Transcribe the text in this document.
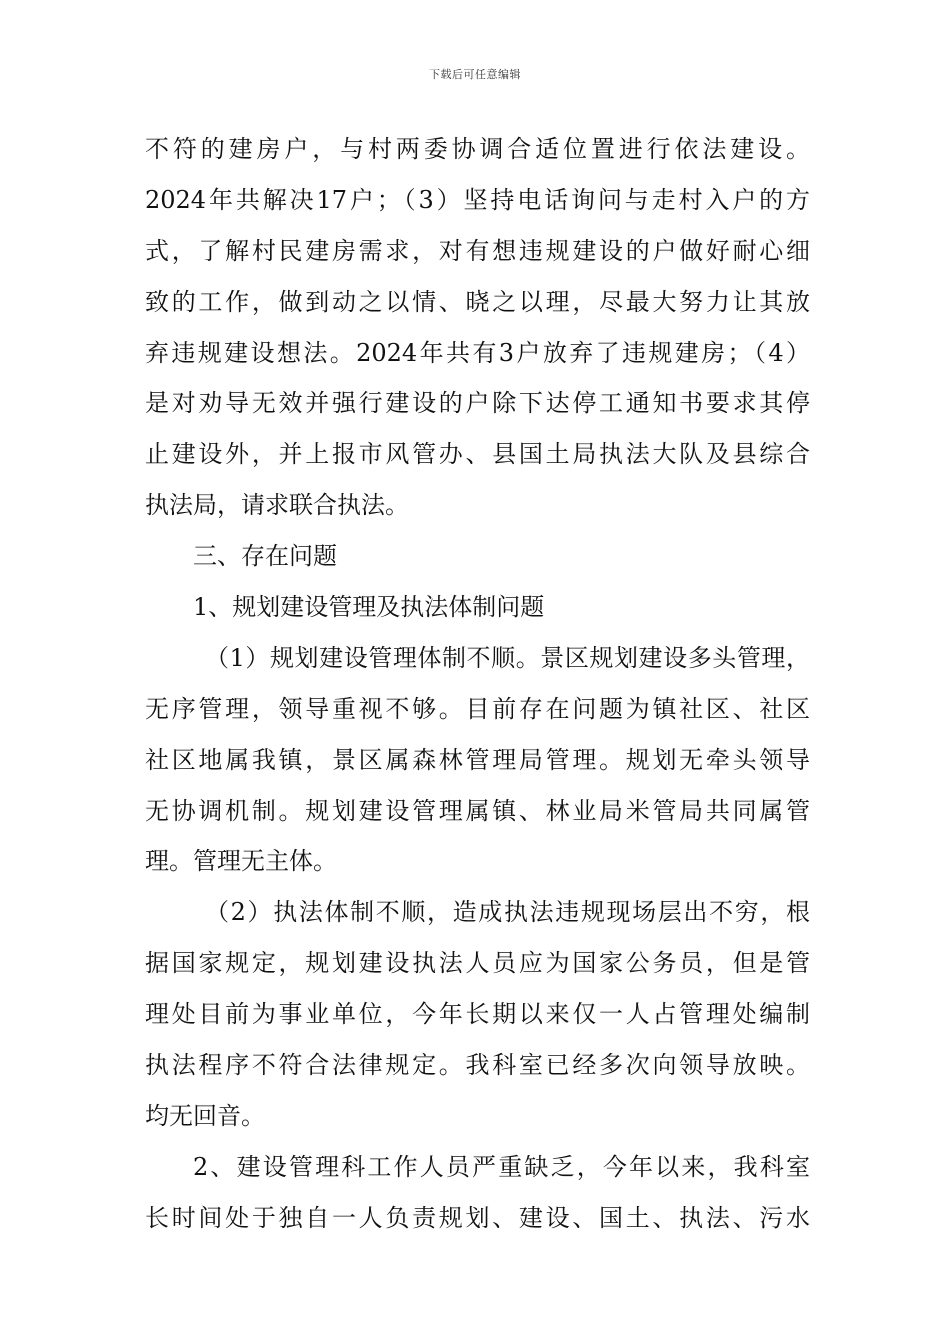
下载后可任意编辑
不符的建房户，与村两委协调合适位置进行依法建设。
2024年共解决17户；（3）坚持电话询问与走村入户的方
式，了解村民建房需求，对有想违规建设的户做好耐心细
致的工作，做到动之以情、晓之以理，尽最大努力让其放
弃违规建设想法。2024年共有3户放弃了违规建房；（4）
是对劝导无效并强行建设的户除下达停工通知书要求其停
止建设外，并上报市风管办、县国土局执法大队及县综合
执法局，请求联合执法。
三、存在问题
1、规划建设管理及执法体制问题
（1）规划建设管理体制不顺。景区规划建设多头管理，
无序管理，领导重视不够。目前存在问题为镇社区、社区
社区地属我镇，景区属森林管理局管理。规划无牵头领导
无协调机制。规划建设管理属镇、林业局米管局共同属管
理。管理无主体。
（2）执法体制不顺，造成执法违规现场层出不穷，根
据国家规定，规划建设执法人员应为国家公务员，但是管
理处目前为事业单位，今年长期以来仅一人占管理处编制
执法程序不符合法律规定。我科室已经多次向领导放映。
均无回音。
2、建设管理科工作人员严重缺乏，今年以来，我科室
长时间处于独自一人负责规划、建设、国土、执法、污水
